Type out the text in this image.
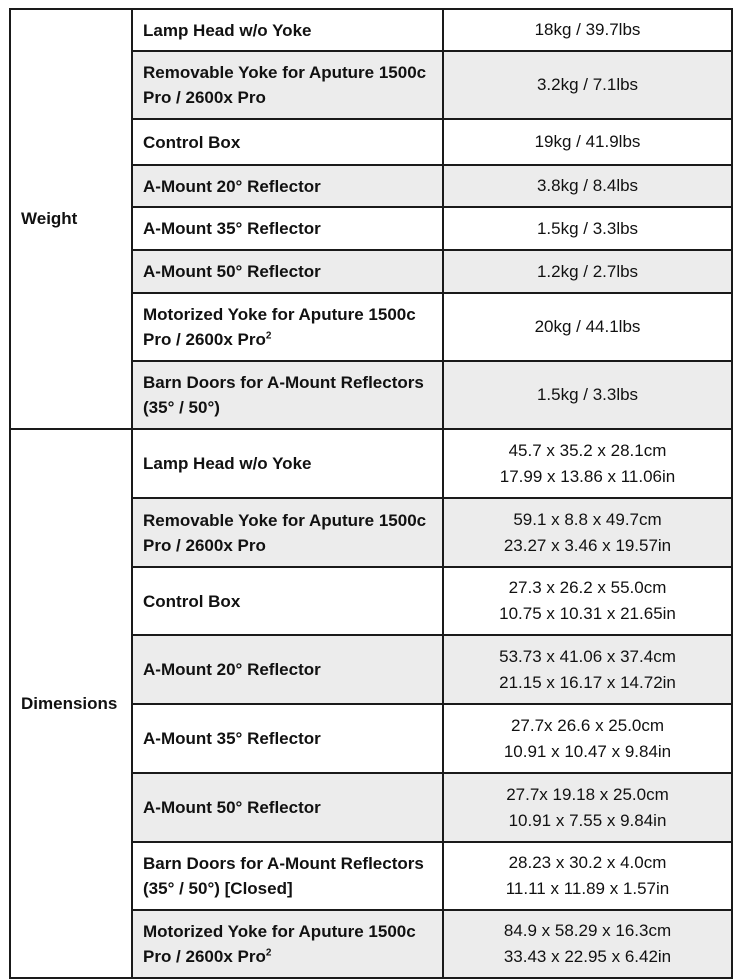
Weight	Lamp Head w/o Yoke	18kg / 39.7lbs

	Removable Yoke for Aputure 1500c Pro / 2600x Pro	3.2kg / 7.1lbs

	Control Box	19kg / 41.9lbs

	A-Mount 20° Reflector	3.8kg / 8.4lbs

	A-Mount 35° Reflector	1.5kg / 3.3lbs

	A-Mount 50° Reflector	1.2kg / 2.7lbs

	Motorized Yoke for Aputure 1500c Pro / 2600x Pro$^2$	20kg / 44.1lbs

	Barn Doors for A-Mount Reflectors (35° / 50°)	1.5kg / 3.3lbs

Dimensions	Lamp Head w/o Yoke	45.7 x 35.2 x 28.1cm
17.99 x 13.86 x 11.06in

	Removable Yoke for Aputure 1500c Pro / 2600x Pro	59.1 x 8.8 x 49.7cm
23.27 x 3.46 x 19.57in

	Control Box	27.3 x 26.2 x 55.0cm
10.75 x 10.31 x 21.65in

	A-Mount 20° Reflector	53.73 x 41.06 x 37.4cm
21.15 x 16.17 x 14.72in

	A-Mount 35° Reflector	27.7x 26.6 x 25.0cm
10.91 x 10.47 x 9.84in

	A-Mount 50° Reflector	27.7x 19.18 x 25.0cm
10.91 x 7.55 x 9.84in

	Barn Doors for A-Mount Reflectors (35° / 50°) [Closed]	28.23 x 30.2 x 4.0cm
11.11 x 11.89 x 1.57in

	Motorized Yoke for Aputure 1500c Pro / 2600x Pro$^2$	84.9 x 58.29 x 16.3cm
33.43 x 22.95 x 6.42in
